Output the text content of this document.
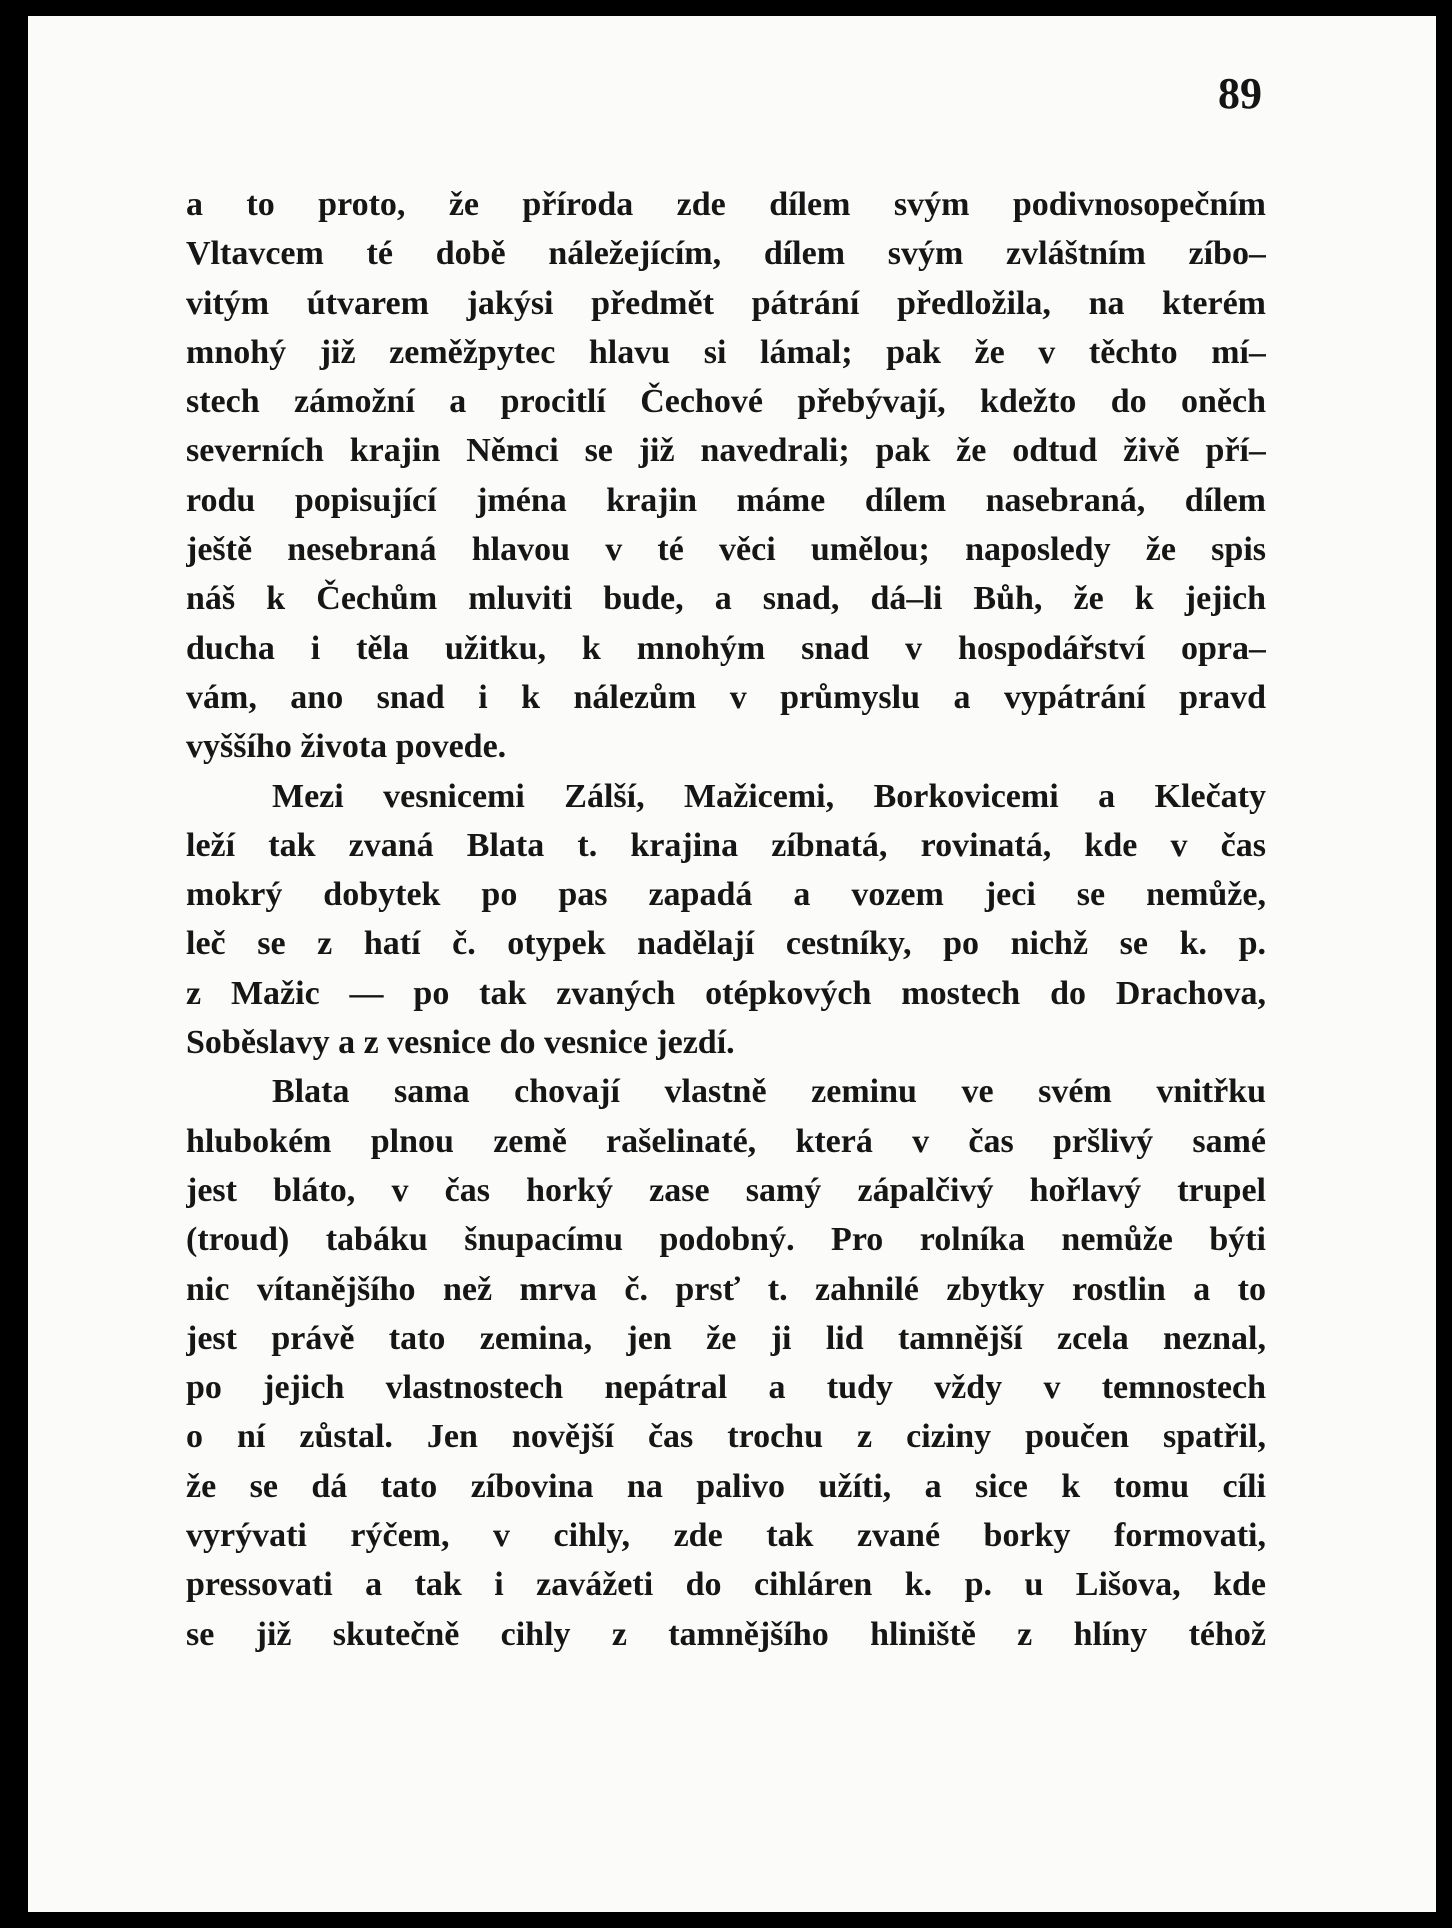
89
a to proto, že příroda zde dílem svým podivnosopečním
Vltavcem té době náležejícím, dílem svým zvláštním zíbo–
vitým útvarem jakýsi předmět pátrání předložila, na kterém
mnohý již zeměžpytec hlavu si lámal; pak že v těchto mí–
stech zámožní a procitlí Čechové přebývají, kdežto do oněch
severních krajin Němci se již navedrali; pak že odtud živě pří–
rodu popisující jména krajin máme dílem nasebraná, dílem
ještě nesebraná hlavou v té věci umělou; naposledy že spis
náš k Čechům mluviti bude, a snad, dá–li Bůh, že k jejich
ducha i těla užitku, k mnohým snad v hospodářství opra–
vám, ano snad i k nálezům v průmyslu a vypátrání pravd
vyššího života povede.
Mezi vesnicemi Zálší, Mažicemi, Borkovicemi a Klečaty
leží tak zvaná Blata t. krajina zíbnatá, rovinatá, kde v čas
mokrý dobytek po pas zapadá a vozem jeci se nemůže,
leč se z hatí č. otypek nadělají cestníky, po nichž se k. p.
z Mažic — po tak zvaných otépkových mostech do Drachova,
Soběslavy a z vesnice do vesnice jezdí.
Blata sama chovají vlastně zeminu ve svém vnitřku
hlubokém plnou země rašelinaté, která v čas pršlivý samé
jest bláto, v čas horký zase samý zápalčivý hořlavý trupel
(troud) tabáku šnupacímu podobný. Pro rolníka nemůže býti
nic vítanějšího než mrva č. prsť t. zahnilé zbytky rostlin a to
jest právě tato zemina, jen že ji lid tamnější zcela neznal,
po jejich vlastnostech nepátral a tudy vždy v temnostech
o ní zůstal. Jen novější čas trochu z ciziny poučen spatřil,
že se dá tato zíbovina na palivo užíti, a sice k tomu cíli
vyrývati rýčem, v cihly, zde tak zvané borky formovati,
pressovati a tak i zavážeti do cihláren k. p. u Lišova, kde
se již skutečně cihly z tamnějšího hliniště z hlíny téhož
